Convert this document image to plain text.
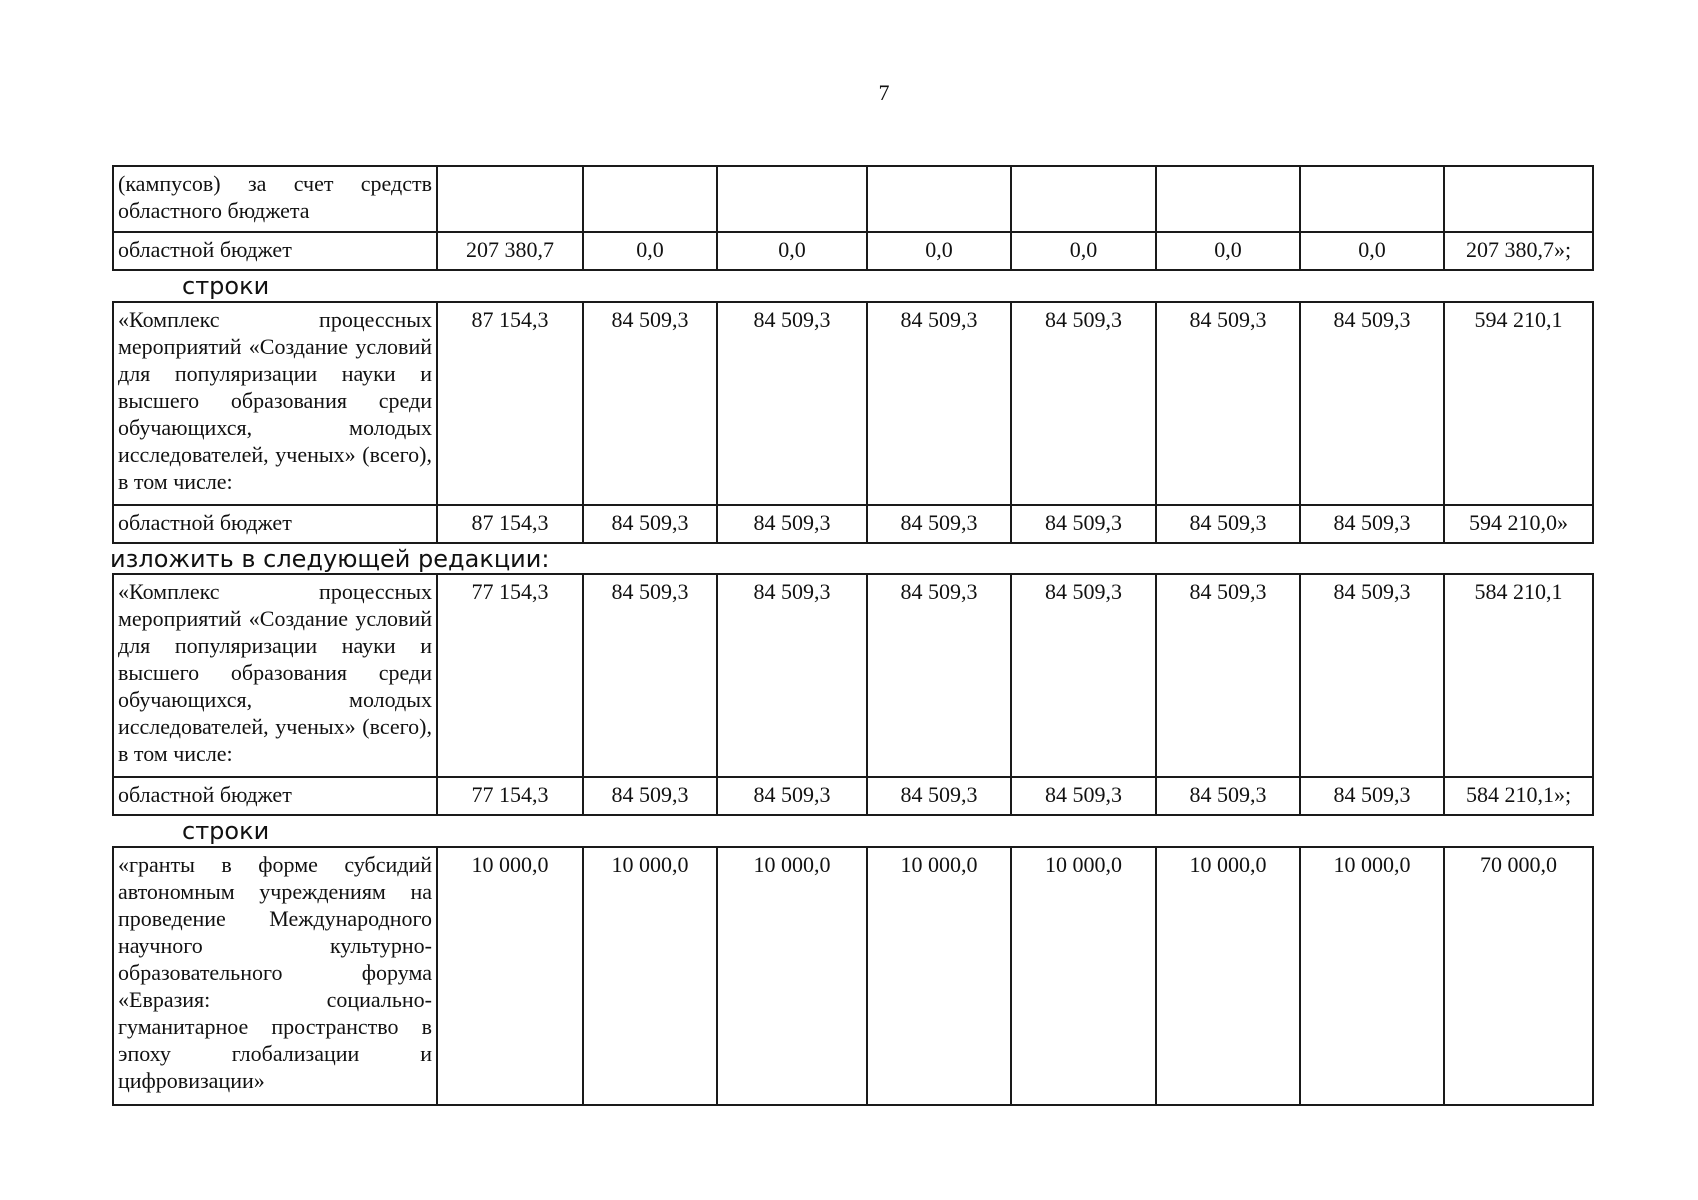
7
(кампусов) за счет средств областного бюджета								
областной бюджет	207 380,7	0,0	0,0	0,0	0,0	0,0	0,0	207 380,7»;
строки
«Комплекс процессных мероприятий «Создание условий для популяризации науки и высшего образования среди обучающихся, молодых исследователей, ученых» (всего), в том числе:	87 154,3	84 509,3	84 509,3	84 509,3	84 509,3	84 509,3	84 509,3	594 210,1
областной бюджет	87 154,3	84 509,3	84 509,3	84 509,3	84 509,3	84 509,3	84 509,3	594 210,0»
изложить в следующей редакции:
«Комплекс процессных мероприятий «Создание условий для популяризации науки и высшего образования среди обучающихся, молодых исследователей, ученых» (всего), в том числе:	77 154,3	84 509,3	84 509,3	84 509,3	84 509,3	84 509,3	84 509,3	584 210,1
областной бюджет	77 154,3	84 509,3	84 509,3	84 509,3	84 509,3	84 509,3	84 509,3	584 210,1»;
строки
«гранты в форме субсидий автономным учреждениям на проведение Международного научного культурно-образовательного форума «Евразия: социально-гуманитарное пространство в эпоху глобализации и цифровизации»	10 000,0	10 000,0	10 000,0	10 000,0	10 000,0	10 000,0	10 000,0	70 000,0
